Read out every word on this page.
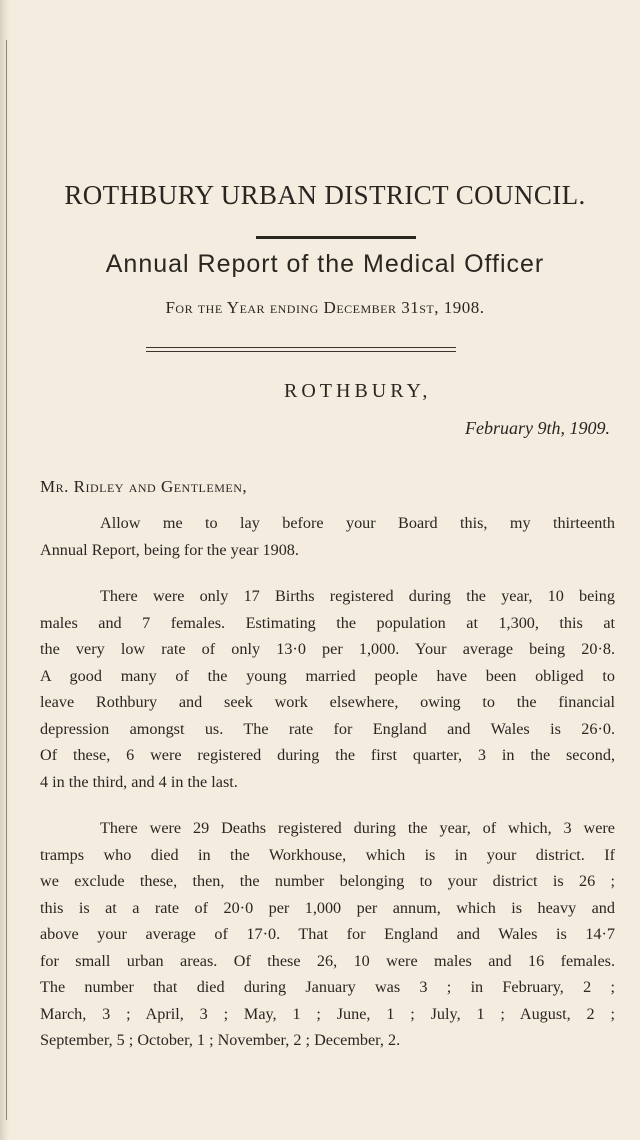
ROTHBURY URBAN DISTRICT COUNCIL.
Annual Report of the Medical Officer
For the Year ending December 31st, 1908.
ROTHBURY,
February 9th, 1909.
Mr. Ridley and Gentlemen,
Allow me to lay before your Board this, my thirteenth
Annual Report, being for the year 1908.
There were only 17 Births registered during the year, 10 being
males and 7 females. Estimating the population at 1,300, this at
the very low rate of only 13·0 per 1,000. Your average being 20·8.
A good many of the young married people have been obliged to
leave Rothbury and seek work elsewhere, owing to the financial
depression amongst us. The rate for England and Wales is 26·0.
Of these, 6 were registered during the first quarter, 3 in the second,
4 in the third, and 4 in the last.
There were 29 Deaths registered during the year, of which, 3 were
tramps who died in the Workhouse, which is in your district. If
we exclude these, then, the number belonging to your district is 26 ;
this is at a rate of 20·0 per 1,000 per annum, which is heavy and
above your average of 17·0. That for England and Wales is 14·7
for small urban areas. Of these 26, 10 were males and 16 females.
The number that died during January was 3 ; in February, 2 ;
March, 3 ; April, 3 ; May, 1 ; June, 1 ; July, 1 ; August, 2 ;
September, 5 ; October, 1 ; November, 2 ; December, 2.
